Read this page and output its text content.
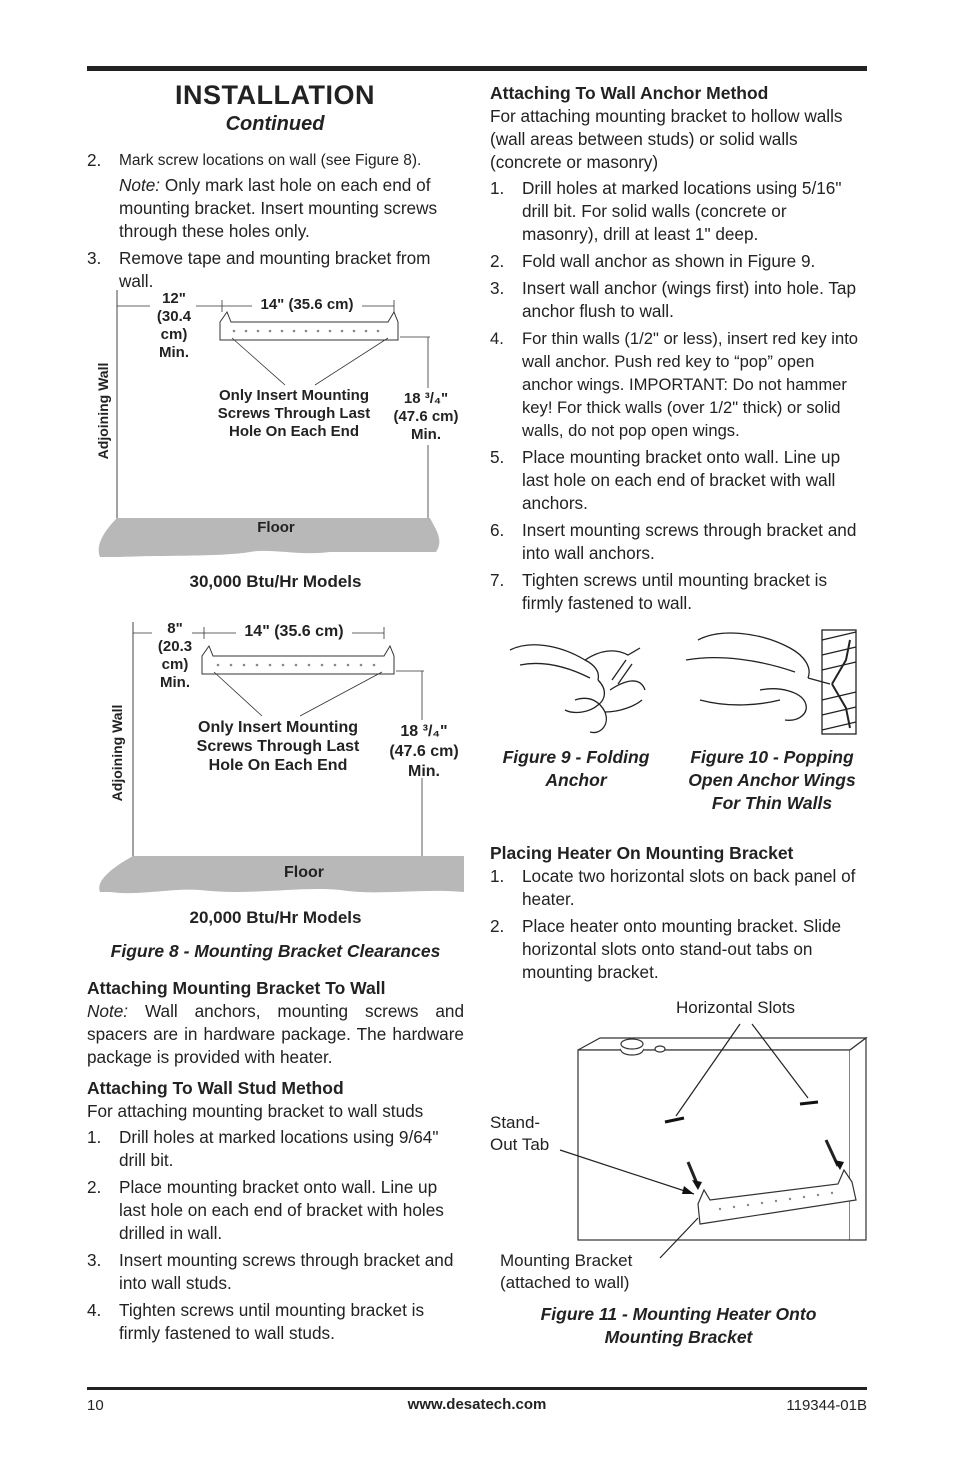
INSTALLATION
Continued
2. Mark screw locations on wall (see Figure 8).
Note: Only mark last hole on each end of mounting bracket. Insert mounting screws through these holes only.
3. Remove tape and mounting bracket from wall.
12"
(30.4
cm)
Min.
14" (35.6 cm)
18 ³/₄"
(47.6 cm)
Min.
Only Insert Mounting
Screws Through Last
Hole On Each End
Adjoining Wall
Floor
30,000 Btu/Hr Models
8"
(20.3
cm)
Min.
14" (35.6 cm)
18 ³/₄"
(47.6 cm)
Min.
Only Insert Mounting
Screws Through Last
Hole On Each End
Adjoining Wall
Floor
20,000 Btu/Hr Models
Figure 8 - Mounting Bracket Clearances
Attaching Mounting Bracket To Wall
Note: Wall anchors, mounting screws and spacers are in hardware package. The hardware package is provided with heater.
Attaching To Wall Stud Method
For attaching mounting bracket to wall studs
1. Drill holes at marked locations using 9/64" drill bit.
2. Place mounting bracket onto wall. Line up last hole on each end of bracket with holes drilled in wall.
3. Insert mounting screws through bracket and into wall studs.
4. Tighten screws until mounting bracket is firmly fastened to wall studs.
Attaching To Wall Anchor Method
For attaching mounting bracket to hollow walls (wall areas between studs) or solid walls (concrete or masonry)
1. Drill holes at marked locations using 5/16" drill bit. For solid walls (concrete or masonry), drill at least 1" deep.
2. Fold wall anchor as shown in Figure 9.
3. Insert wall anchor (wings first) into hole. Tap anchor flush to wall.
4. For thin walls (1/2" or less), insert red key into wall anchor. Push red key to “pop” open anchor wings. IMPORTANT: Do not hammer key! For thick walls (over 1/2" thick) or solid walls, do not pop open wings.
5. Place mounting bracket onto wall. Line up last hole on each end of bracket with wall anchors.
6. Insert mounting screws through bracket and into wall anchors.
7. Tighten screws until mounting bracket is firmly fastened to wall.
Figure 9 - Folding
Anchor
Figure 10 - Popping
Open Anchor Wings
For Thin Walls
Placing Heater On Mounting Bracket
1. Locate two horizontal slots on back panel of heater.
2. Place heater onto mounting bracket. Slide horizontal slots onto stand-out tabs on mounting bracket.
Horizontal Slots
Stand-
Out Tab
Mounting Bracket
(attached to wall)
Figure 11 - Mounting Heater Onto
Mounting Bracket
10	www.desatech.com	119344-01B
